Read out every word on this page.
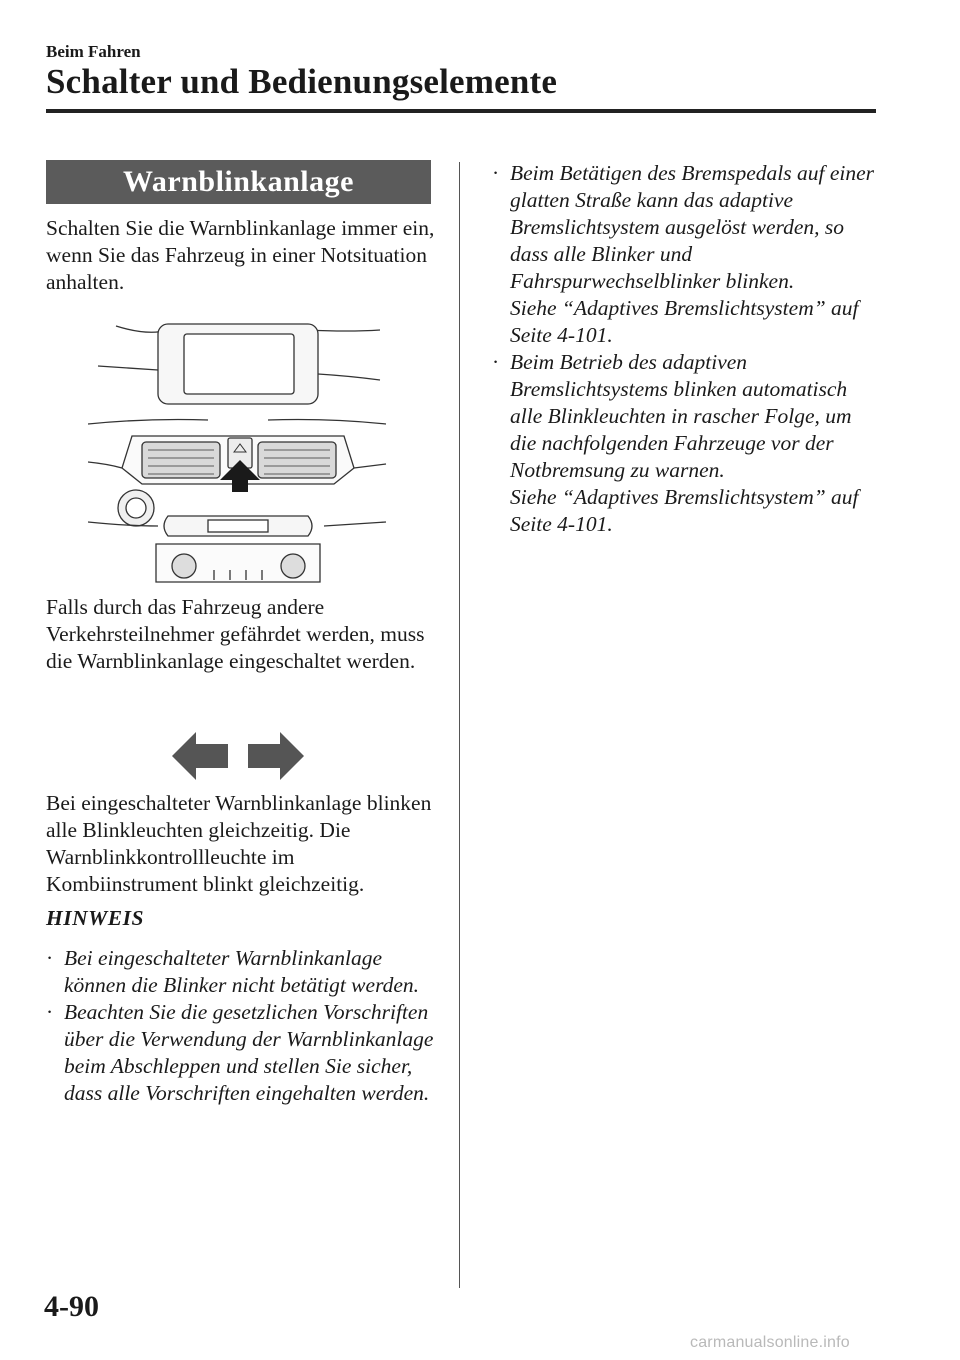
Beim Fahren
Schalter und Bedienungselemente
Warnblinkanlage
Schalten Sie die Warnblinkanlage immer ein, wenn Sie das Fahrzeug in einer Notsituation anhalten.
Falls durch das Fahrzeug andere Verkehrsteilnehmer gefährdet werden, muss die Warnblinkanlage eingeschaltet werden.
Bei eingeschalteter Warnblinkanlage blinken alle Blinkleuchten gleichzeitig. Die Warnblinkkontrollleuchte im Kombiinstrument blinkt gleichzeitig.
HINWEIS
· Bei eingeschalteter Warnblinkanlage können die Blinker nicht betätigt werden.
· Beachten Sie die gesetzlichen Vorschriften über die Verwendung der Warnblinkanlage beim Abschleppen und stellen Sie sicher, dass alle Vorschriften eingehalten werden.
· Beim Betätigen des Bremspedals auf einer glatten Straße kann das adaptive Bremslichtsystem ausgelöst werden, so dass alle Blinker und Fahrspurwechselblinker blinken.
Siehe “Adaptives Bremslichtsystem” auf Seite 4-101.
· Beim Betrieb des adaptiven Bremslichtsystems blinken automatisch alle Blinkleuchten in rascher Folge, um die nachfolgenden Fahrzeuge vor der Notbremsung zu warnen.
Siehe “Adaptives Bremslichtsystem” auf Seite 4-101.
4-90
carmanualsonline.info
